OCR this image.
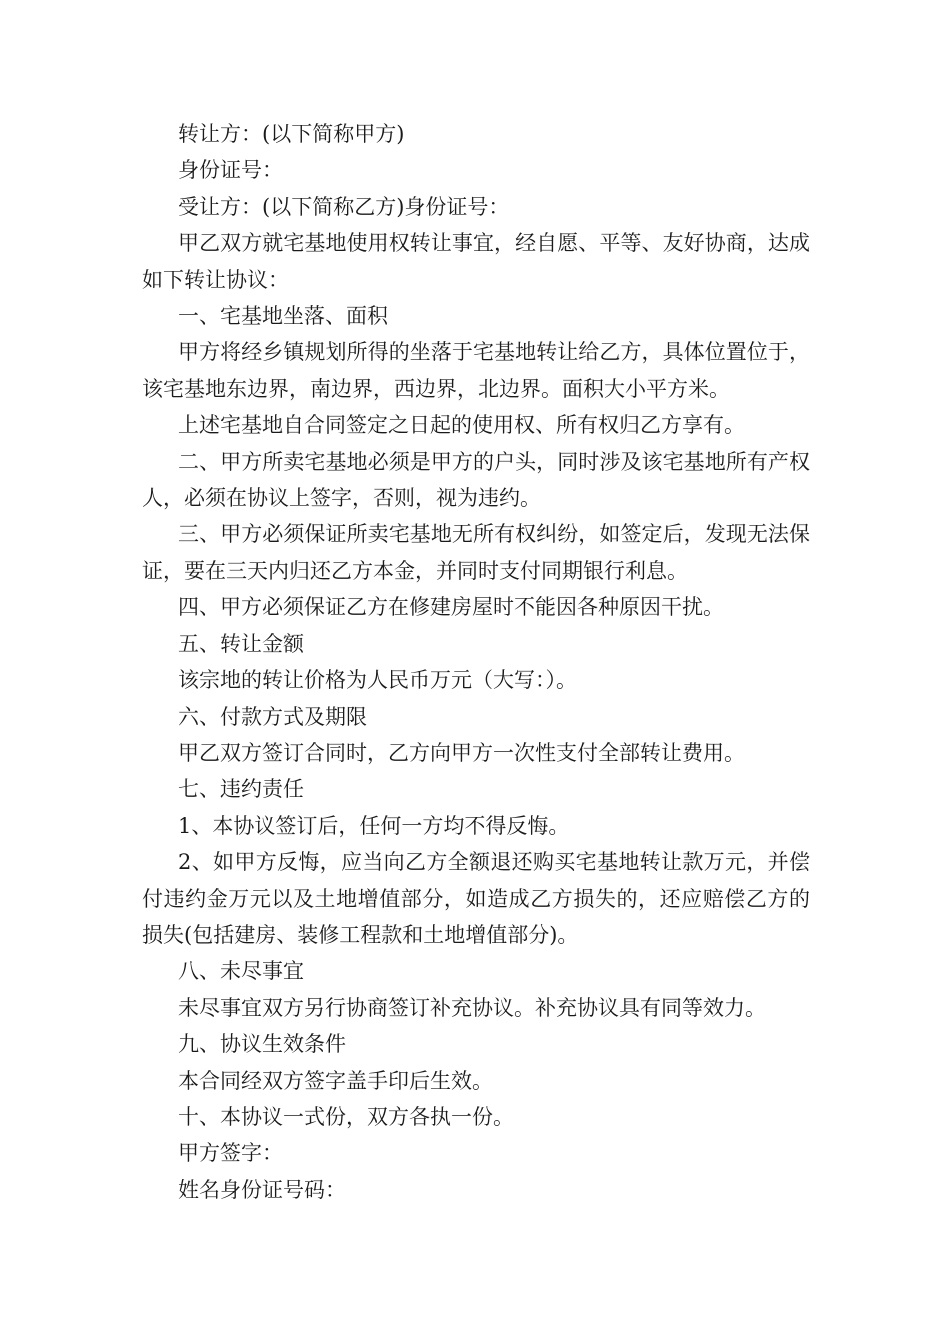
转让方：(以下简称甲方)

身份证号：

受让方：(以下简称乙方)身份证号：

甲乙双方就宅基地使用权转让事宜，经自愿、平等、友好协商，达成如下转让协议：

一、宅基地坐落、面积

甲方将经乡镇规划所得的坐落于宅基地转让给乙方，具体位置位于，该宅基地东边界，南边界，西边界，北边界。面积大小平方米。

上述宅基地自合同签定之日起的使用权、所有权归乙方享有。

二、甲方所卖宅基地必须是甲方的户头，同时涉及该宅基地所有产权人，必须在协议上签字，否则，视为违约。

三、甲方必须保证所卖宅基地无所有权纠纷，如签定后，发现无法保证，要在三天内归还乙方本金，并同时支付同期银行利息。

四、甲方必须保证乙方在修建房屋时不能因各种原因干扰。

五、转让金额

该宗地的转让价格为人民币万元（大写：）。

六、付款方式及期限

甲乙双方签订合同时，乙方向甲方一次性支付全部转让费用。

七、违约责任

1、本协议签订后，任何一方均不得反悔。

2、如甲方反悔，应当向乙方全额退还购买宅基地转让款万元，并偿付违约金万元以及土地增值部分，如造成乙方损失的，还应赔偿乙方的损失(包括建房、装修工程款和土地增值部分)。

八、未尽事宜

未尽事宜双方另行协商签订补充协议。补充协议具有同等效力。

九、协议生效条件

本合同经双方签字盖手印后生效。

十、本协议一式份，双方各执一份。

甲方签字：

姓名身份证号码：
